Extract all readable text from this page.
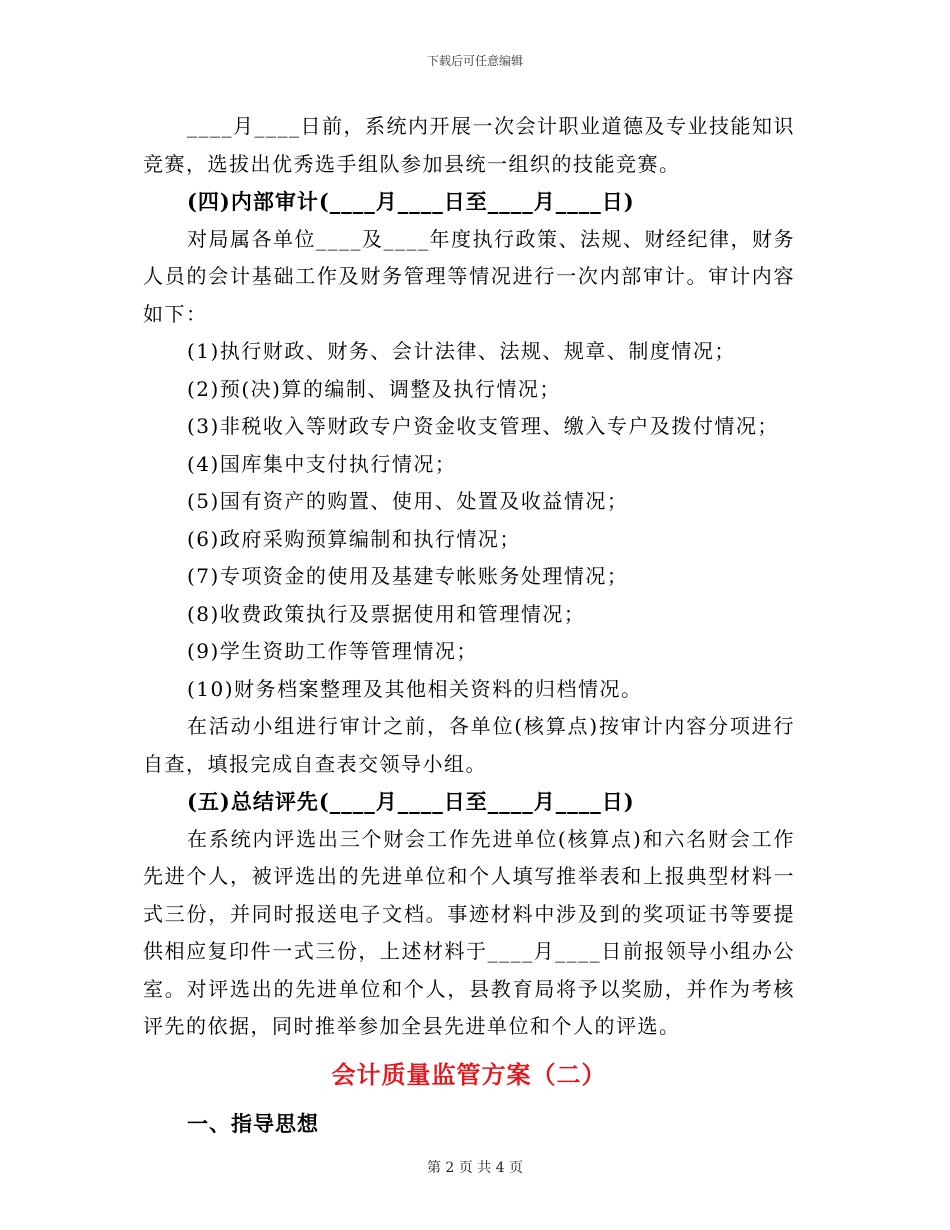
下载后可任意编辑

____月____日前，系统内开展一次会计职业道德及专业技能知识竞赛，选拔出优秀选手组队参加县统一组织的技能竞赛。

(四)内部审计(____月____日至____月____日)

对局属各单位____及____年度执行政策、法规、财经纪律，财务人员的会计基础工作及财务管理等情况进行一次内部审计。审计内容如下：

(1)执行财政、财务、会计法律、法规、规章、制度情况；

(2)预(决)算的编制、调整及执行情况；

(3)非税收入等财政专户资金收支管理、缴入专户及拨付情况；

(4)国库集中支付执行情况；

(5)国有资产的购置、使用、处置及收益情况；

(6)政府采购预算编制和执行情况；

(7)专项资金的使用及基建专帐账务处理情况；

(8)收费政策执行及票据使用和管理情况；

(9)学生资助工作等管理情况；

(10)财务档案整理及其他相关资料的归档情况。

在活动小组进行审计之前，各单位(核算点)按审计内容分项进行自查，填报完成自查表交领导小组。

(五)总结评先(____月____日至____月____日)

在系统内评选出三个财会工作先进单位(核算点)和六名财会工作先进个人，被评选出的先进单位和个人填写推举表和上报典型材料一式三份，并同时报送电子文档。事迹材料中涉及到的奖项证书等要提供相应复印件一式三份，上述材料于____月____日前报领导小组办公室。对评选出的先进单位和个人，县教育局将予以奖励，并作为考核评先的依据，同时推举参加全县先进单位和个人的评选。

会计质量监管方案（二）

一、指导思想

第 2 页 共 4 页
